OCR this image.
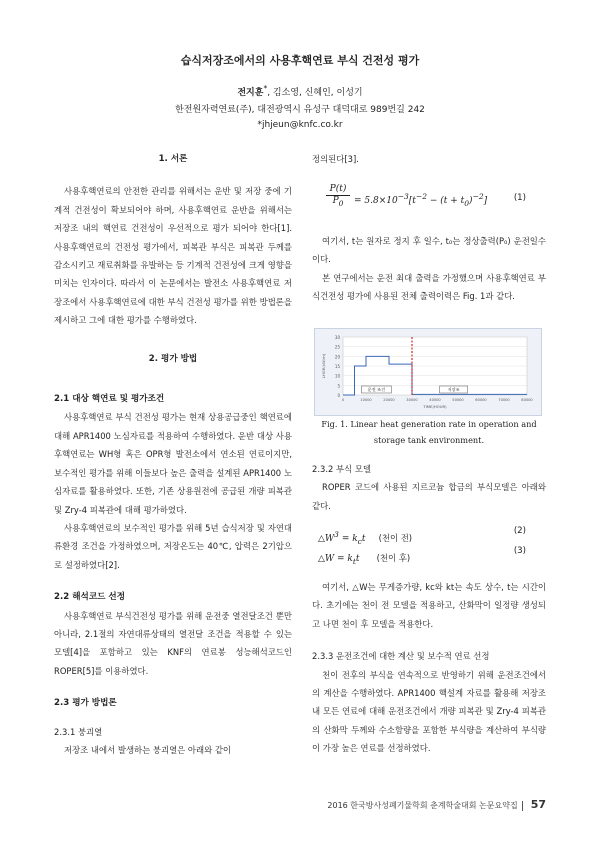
습식저장조에서의 사용후핵연료 부식 건전성 평가
전지훈*, 김소영, 신혜인, 이성기
한전원자력연료(주), 대전광역시 유성구 대덕대로 989번길 242
*jhjeun@knfc.co.kr
1. 서론

사용후핵연료의 안전한 관리를 위해서는 운반 및 저장 중에 기계적 건전성이 확보되어야 하며, 사용후핵연료 운반을 위해서는 저장조 내의 핵연료 건전성이 우선적으로 평가 되어야 한다[1]. 사용후핵연료의 건전성 평가에서, 피복관 부식은 피복관 두께를 감소시키고 재료취화를 유발하는 등 기계적 건전성에 크게 영향을 미치는 인자이다. 따라서 이 논문에서는 발전소 사용후핵연료 저장조에서 사용후핵연료에 대한 부식 건전성 평가를 위한 방법론을 제시하고 그에 대한 평가를 수행하였다.

2. 평가 방법
2.1 대상 핵연료 및 평가조건

사용후핵연료 부식 건전성 평가는 현재 상용공급중인 핵연료에 대해 APR1400 노심자료를 적용하여 수행하였다. 운반 대상 사용후핵연료는 WH형 혹은 OPR형 발전소에서 연소된 연료이지만, 보수적인 평가를 위해 이들보다 높은 출력을 설계된 APR1400 노심자료를 활용하였다. 또한, 기존 상용원전에 공급된 개량 피복관 및 Zry-4 피복관에 대해 평가하였다.

사용후핵연료의 보수적인 평가를 위해 5년 습식저장 및 자연대류환경 조건을 가정하였으며, 저장온도는 40℃, 압력은 2기압으로 설정하였다[2].

2.2 해석코드 선정

사용후핵연료 부식건전성 평가를 위해 운전중 열전달조건 뿐만 아니라, 2.1절의 자연대류상태의 열전달 조건을 적용할 수 있는 모델[4]을 포함하고 있는 KNF의 연료봉 성능해석코드인 ROPER[5]를 이용하였다.

2.3 평가 방법론
2.3.1 붕괴열

저장조 내에서 발생하는 붕괴열은 아래와 같이

정의된다[3].

$\frac{P(t)}{P_0} = 5.8\times 10^{-3}[t^{-2} - (t + t_0)^{-2}]$	(1)

여기서, t는 원자로 정지 후 일수, t₀는 정상출력(P₀) 운전일수이다.

본 연구에서는 운전 최대 출력을 가정했으며 사용후핵연료 부식건전성 평가에 사용된 전체 출력이력은 Fig. 1과 같다.

0
5
10
15
20
25
30
0	10000	20000	30000	40000	50000	60000	70000	80000
TIME(HOUR)
LHGR(kW/m)
운전 조건	저장조
Fig. 1. Linear heat generation rate in operation and
storage tank environment.
2.3.2 부식 모델

ROPER 코드에 사용된 지르코늄 합금의 부식모델은 아래와 같다.

$\triangle W^3 = k_ct$ (천이 전)
(2)
△W = $k_tt$ (천이 후)
(3)

여기서, △W는 무게증가량, kc와 kt는 속도 상수, t는 시간이다. 초기에는 천이 전 모델을 적용하고, 산화막이 일정량 생성되고 나면 천이 후 모델을 적용한다.

2.3.3 운전조건에 대한 계산 및 보수적 연료 선정

천이 전후의 부식을 연속적으로 반영하기 위해 운전조건에서의 계산을 수행하였다. APR1400 핵설계 자료를 활용해 저장조 내 모든 연료에 대해 운전조건에서 개량 피복관 및 Zry-4 피복관의 산화막 두께와 수소함량을 포함한 부식량을 계산하여 부식량이 가장 높은 연료를 선정하였다.

2016 한국방사성폐기물학회 춘계학술대회 논문요약집 57
